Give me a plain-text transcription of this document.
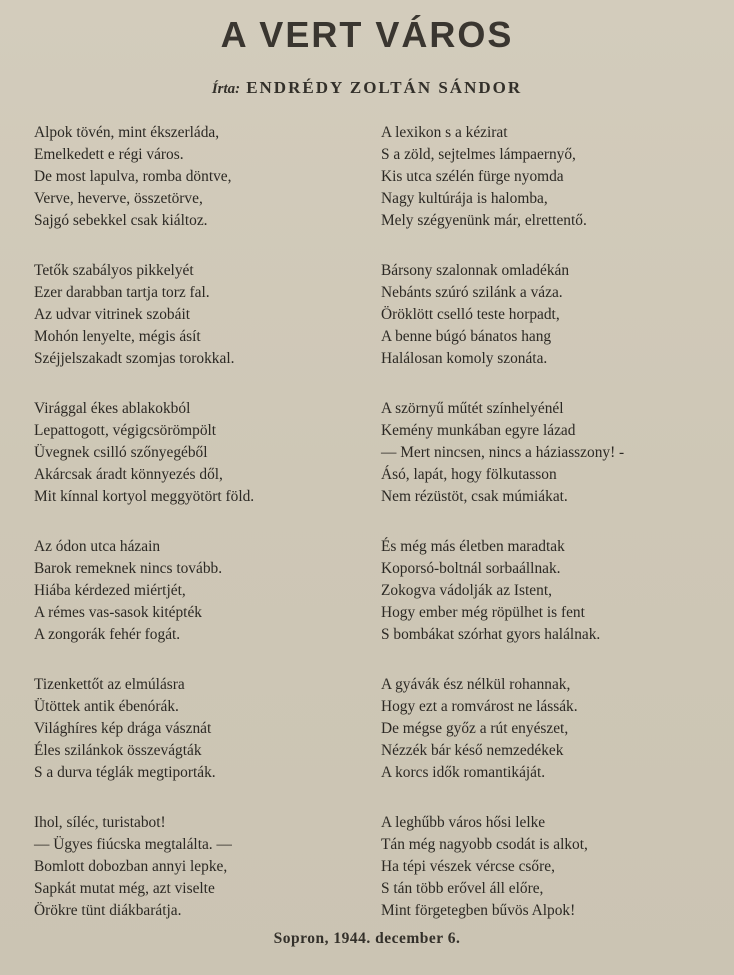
A VERT VÁROS
Írta: ENDRÉDY ZOLTÁN SÁNDOR
Alpok tövén, mint ékszerláda,
Emelkedett e régi város.
De most lapulva, romba döntve,
Verve, heverve, összetörve,
Sajgó sebekkel csak kiáltoz.
Tetők szabályos pikkelyét
Ezer darabban tartja torz fal.
Az udvar vitrinek szobáit
Mohón lenyelte, mégis ásít
Széjjelszakadt szomjas torokkal.
Virággal ékes ablakokból
Lepattogott, végigcsörömpölt
Üvegnek csilló szőnyegéből
Akárcsak áradt könnyezés dől,
Mit kínnal kortyol meggyötört föld.
Az ódon utca házain
Barok remeknek nincs tovább.
Hiába kérdezed miértjét,
A rémes vas-sasok kitépték
A zongorák fehér fogát.
Tizenkettőt az elmúlásra
Ütöttek antik ébenórák.
Világhíres kép drága vásznát
Éles szilánkok összevágták
S a durva téglák megtiporták.
Ihol, síléc, turistabot!
— Ügyes fiúcska megtalálta. —
Bomlott dobozban annyi lepke,
Sapkát mutat még, azt viselte
Örökre tünt diákbarátja.
A lexikon s a kézirat
S a zöld, sejtelmes lámpaernyő,
Kis utca szélén fürge nyomda
Nagy kultúrája is halomba,
Mely szégyenünk már, elrettentő.
Bársony szalonnak omladékán
Nebánts szúró szilánk a váza.
Öröklött cselló teste horpadt,
A benne búgó bánatos hang
Halálosan komoly szonáta.
A szörnyű műtét színhelyénél
Kemény munkában egyre lázad
— Mert nincsen, nincs a háziasszony! -
Ásó, lapát, hogy fölkutasson
Nem rézüstöt, csak múmiákat.
És még más életben maradtak
Koporsó-boltnál sorbaállnak.
Zokogva vádolják az Istent,
Hogy ember még röpülhet is fent
S bombákat szórhat gyors halálnak.
A gyávák ész nélkül rohannak,
Hogy ezt a romvárost ne lássák.
De mégse győz a rút enyészet,
Nézzék bár késő nemzedékek
A korcs idők romantikáját.
A leghűbb város hősi lelke
Tán még nagyobb csodát is alkot,
Ha tépi vészek vércse csőre,
S tán több erővel áll előre,
Mint förgetegben bűvös Alpok!
Sopron, 1944. december 6.
